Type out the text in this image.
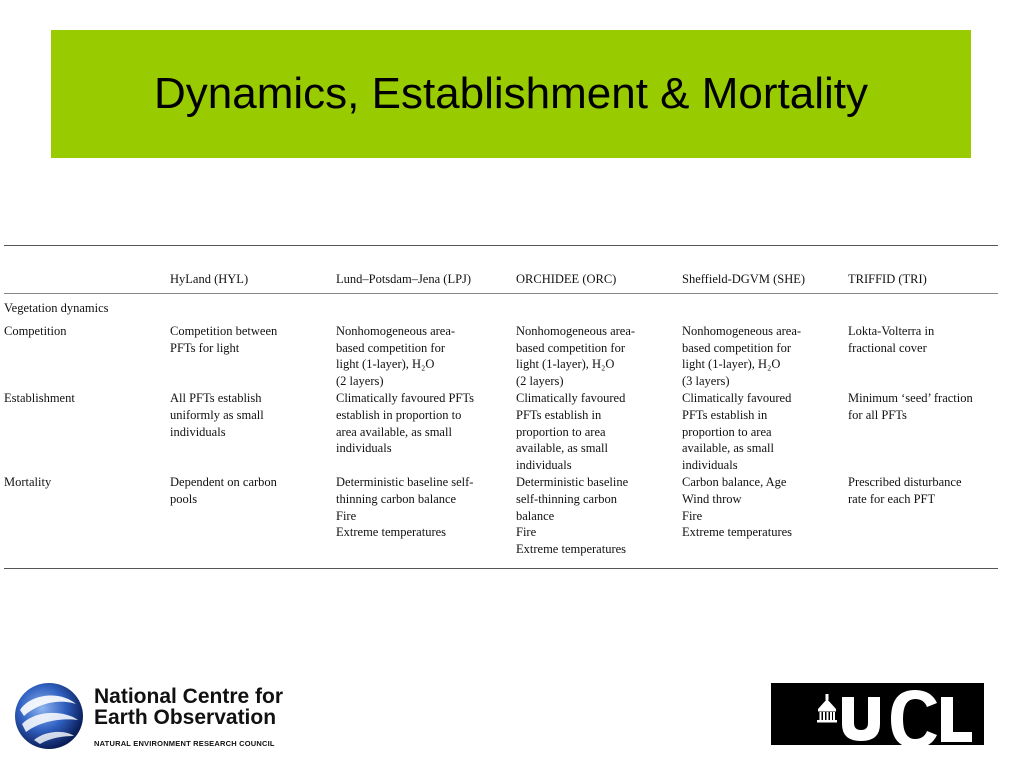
Dynamics, Establishment & Mortality
	HyLand (HYL)	Lund–Potsdam–Jena (LPJ)	ORCHIDEE (ORC)	Sheffield-DGVM (SHE)	TRIFFID (TRI)
Vegetation dynamics					
Competition	Competition between
PFTs for light	Nonhomogeneous area-
based competition for
light (1-layer), H₂O
(2 layers)	Nonhomogeneous area-
based competition for
light (1-layer), H₂O
(2 layers)	Nonhomogeneous area-
based competition for
light (1-layer), H₂O
(3 layers)	Lokta-Volterra in
fractional cover

Establishment	All PFTs establish
uniformly as small
individuals	Climatically favoured PFTs
establish in proportion to
area available, as small
individuals	Climatically favoured
PFTs establish in
proportion to area
available, as small
individuals	Climatically favoured
PFTs establish in
proportion to area
available, as small
individuals	Minimum ‘seed’ fraction
for all PFTs

Mortality	Dependent on carbon
pools	Deterministic baseline self-
thinning carbon balance
Fire
Extreme temperatures	Deterministic baseline
self-thinning carbon
balance
Fire
Extreme temperatures	Carbon balance, Age
Wind throw
Fire
Extreme temperatures	Prescribed disturbance
rate for each PFT
National Centre for
Earth Observation
NATURAL ENVIRONMENT RESEARCH COUNCIL
